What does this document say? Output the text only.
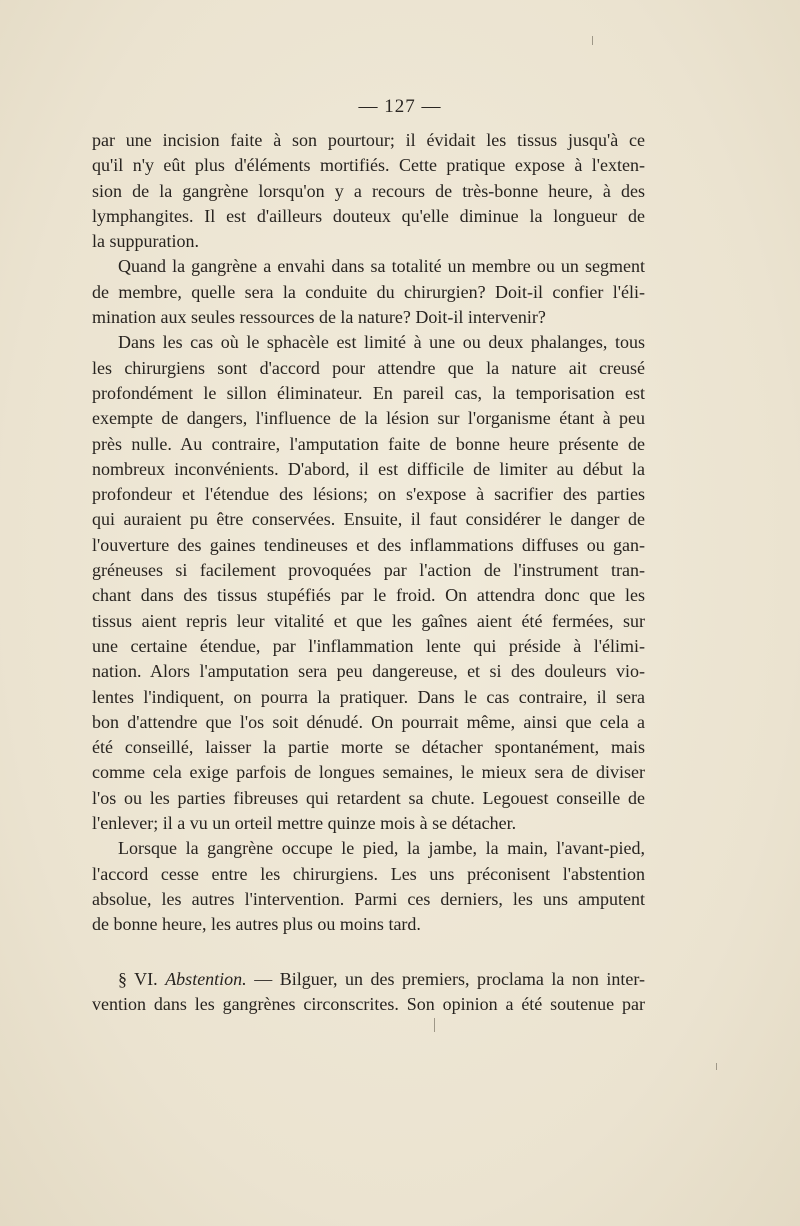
— 127 —
par une incision faite à son pourtour; il évidait les tissus jusqu'à ce
qu'il n'y eût plus d'éléments mortifiés. Cette pratique expose à l'exten-
sion de la gangrène lorsqu'on y a recours de très-bonne heure, à des
lymphangites. Il est d'ailleurs douteux qu'elle diminue la longueur de
la suppuration.
Quand la gangrène a envahi dans sa totalité un membre ou un segment
de membre, quelle sera la conduite du chirurgien? Doit-il confier l'éli-
mination aux seules ressources de la nature? Doit-il intervenir?
Dans les cas où le sphacèle est limité à une ou deux phalanges, tous
les chirurgiens sont d'accord pour attendre que la nature ait creusé
profondément le sillon éliminateur. En pareil cas, la temporisation est
exempte de dangers, l'influence de la lésion sur l'organisme étant à peu
près nulle. Au contraire, l'amputation faite de bonne heure présente de
nombreux inconvénients. D'abord, il est difficile de limiter au début la
profondeur et l'étendue des lésions; on s'expose à sacrifier des parties
qui auraient pu être conservées. Ensuite, il faut considérer le danger de
l'ouverture des gaines tendineuses et des inflammations diffuses ou gan-
gréneuses si facilement provoquées par l'action de l'instrument tran-
chant dans des tissus stupéfiés par le froid. On attendra donc que les
tissus aient repris leur vitalité et que les gaînes aient été fermées, sur
une certaine étendue, par l'inflammation lente qui préside à l'élimi-
nation. Alors l'amputation sera peu dangereuse, et si des douleurs vio-
lentes l'indiquent, on pourra la pratiquer. Dans le cas contraire, il sera
bon d'attendre que l'os soit dénudé. On pourrait même, ainsi que cela a
été conseillé, laisser la partie morte se détacher spontanément, mais
comme cela exige parfois de longues semaines, le mieux sera de diviser
l'os ou les parties fibreuses qui retardent sa chute. Legouest conseille de
l'enlever; il a vu un orteil mettre quinze mois à se détacher.
Lorsque la gangrène occupe le pied, la jambe, la main, l'avant-pied,
l'accord cesse entre les chirurgiens. Les uns préconisent l'abstention
absolue, les autres l'intervention. Parmi ces derniers, les uns amputent
de bonne heure, les autres plus ou moins tard.
§ VI. Abstention. — Bilguer, un des premiers, proclama la non inter-
vention dans les gangrènes circonscrites. Son opinion a été soutenue par
